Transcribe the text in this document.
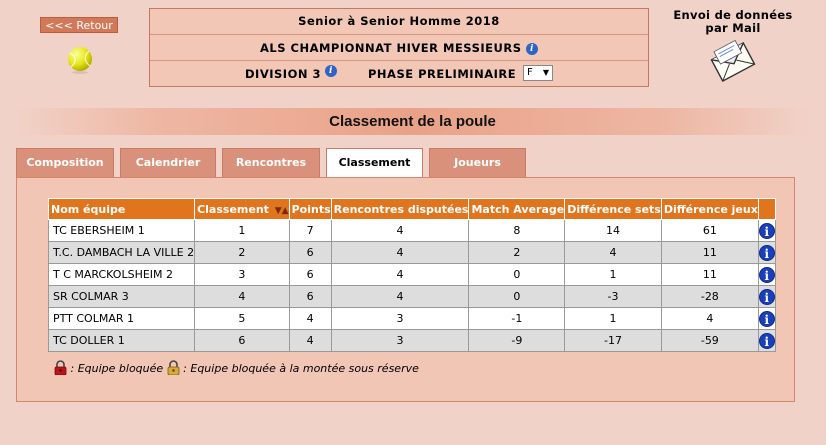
<<< Retour	Senior à Senior Homme 2018
ALS CHAMPIONNAT HIVER MESSIEURS i
DIVISION 3 i	PHASE PRELIMINAIRE	F ▼
Envoi de données
par Mail
Classement de la poule
Composition	Calendrier	Rencontres	Classement	Joueurs
Nom équipe	Classement ▼▲	Points	Rencontres disputées	Match Average	Différence sets	Différence jeux	
TC EBERSHEIM 1	1	7	4	8	14	61	i
T.C. DAMBACH LA VILLE 2	2	6	4	2	4	11	i
T C MARCKOLSHEIM 2	3	6	4	0	1	11	i
SR COLMAR 3	4	6	4	0	-3	-28	i
PTT COLMAR 1	5	4	3	-1	1	4	i
TC DOLLER 1	6	4	3	-9	-17	-59	i
: Equipe bloquée : Equipe bloquée à la montée sous réserve
